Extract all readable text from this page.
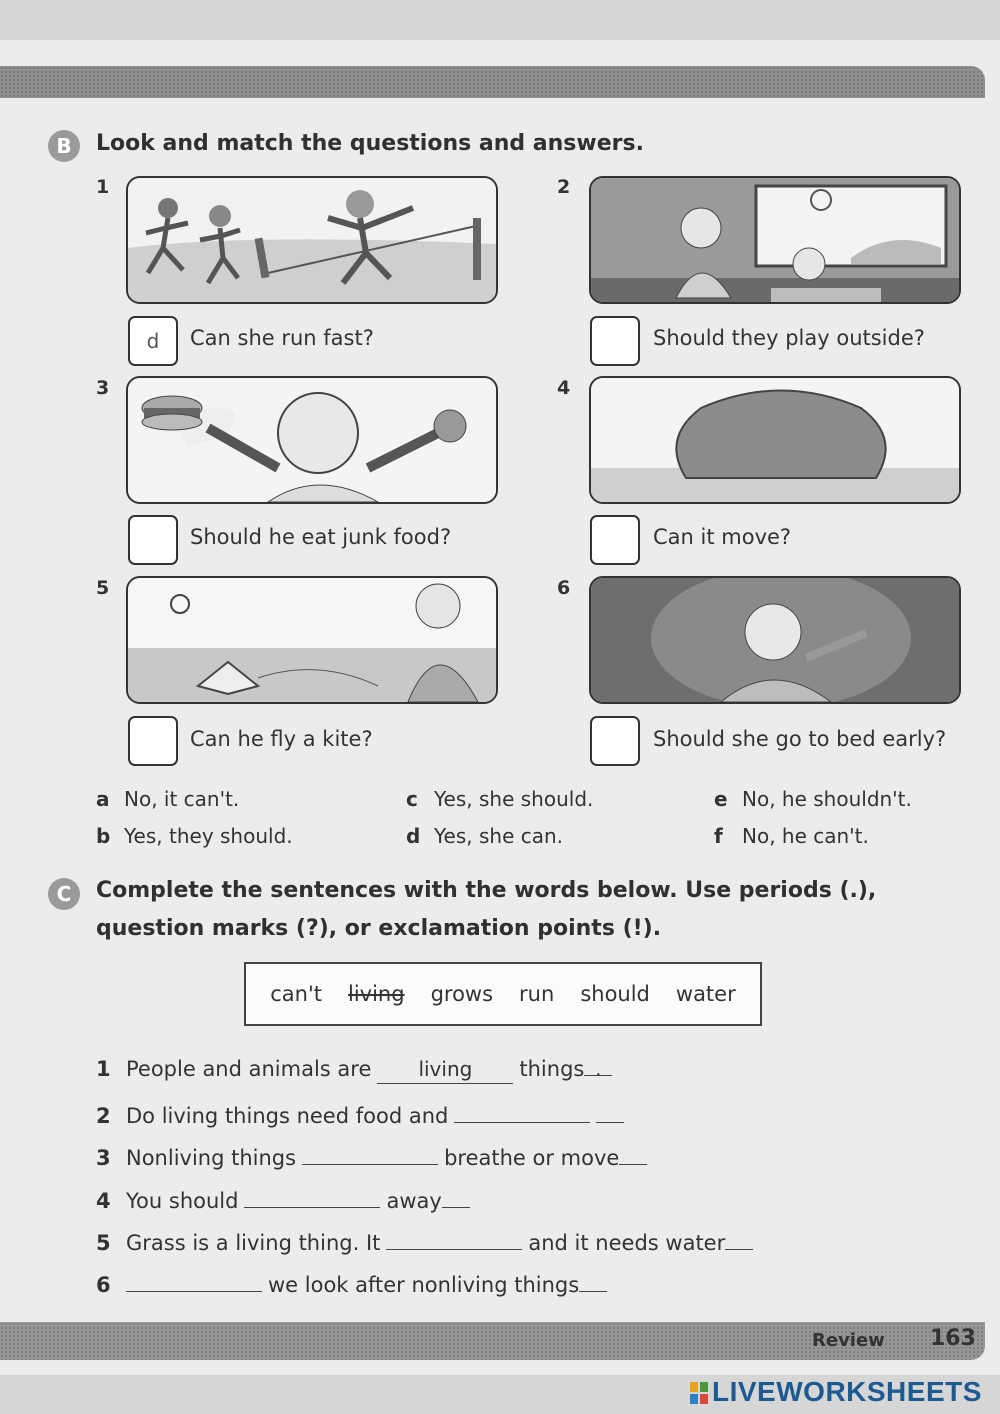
B	Look and match the questions and answers.
1
d	Can she run fast?
2
Should they play outside?
3
Should he eat junk food?
4
Can it move?
5
Can he fly a kite?
6
Should she go to bed early?
a No, it can't.
b Yes, they should.
c Yes, she should.
d Yes, she can.
e No, he shouldn't.
f No, he can't.
C	Complete the sentences with the words below. Use periods (.),
question marks (?), or exclamation points (!).
can't living grows run should water
1 People and animals are living things .
2 Do living things need food and
3 Nonliving things	breathe or move
4 You should	away
5 Grass is a living thing. It	and it needs water
6	we look after nonliving things
Review 163
LIVEWORKSHEETS
